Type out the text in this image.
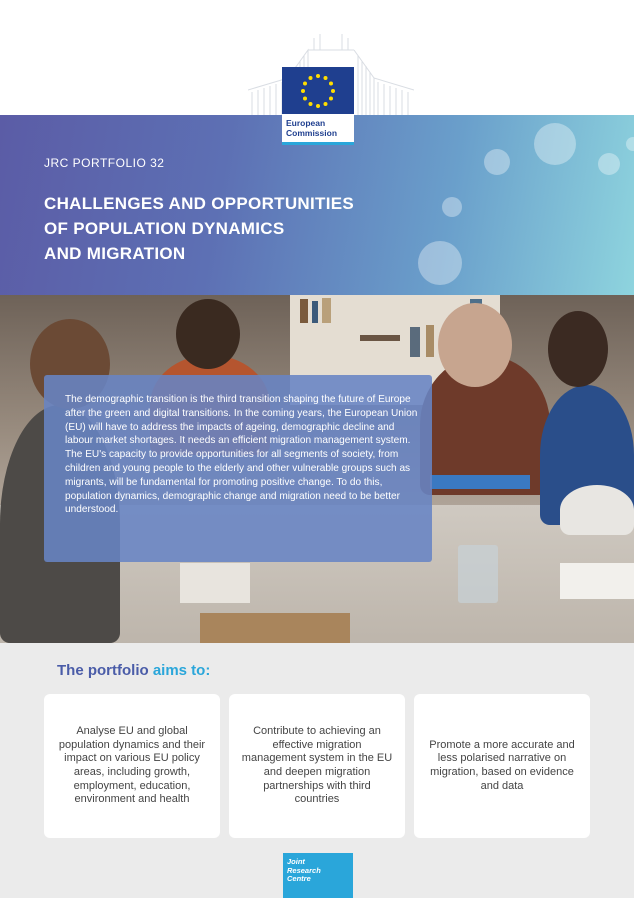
European
Commission
JRC PORTFOLIO 32
CHALLENGES AND OPPORTUNITIES
OF POPULATION DYNAMICS
AND MIGRATION

The demographic transition is the third transition shaping the future of Europe after the green and digital transitions. In the coming years, the European Union (EU) will have to address the impacts of ageing, demographic decline and labour market shortages. It needs an efficient migration management system. The EU's capacity to provide opportunities for all segments of society, from children and young people to the elderly and other vulnerable groups such as migrants, will be fundamental for promoting positive change. To do this, population dynamics, demographic change and migration need to be better understood.

The portfolio aims to:
Analyse EU and global population dynamics and their impact on various EU policy areas, including growth, employment, education, environment and health
Contribute to achieving an effective migration management system in the EU and deepen migration partnerships with third countries
Promote a more accurate and less polarised narrative on migration, based on evidence and data
Joint
Research
Centre
